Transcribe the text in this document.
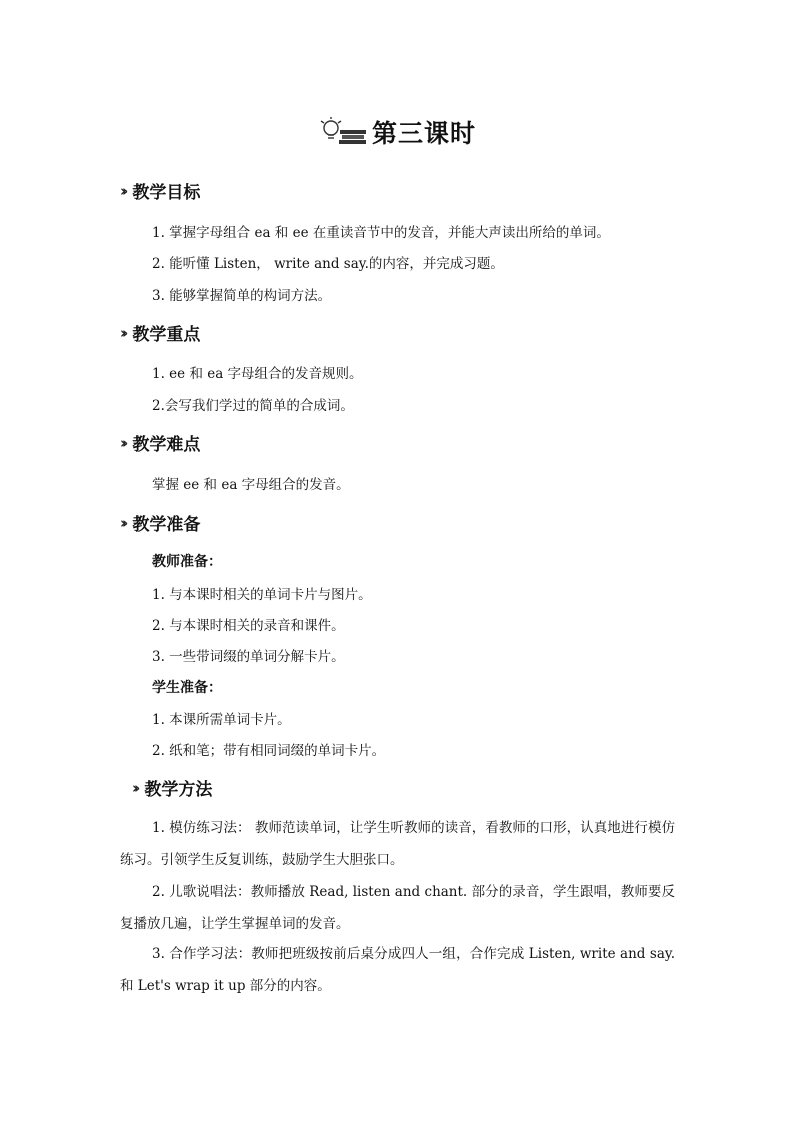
第三课时
›› 教学目标
1. 掌握字母组合 ea 和 ee 在重读音节中的发音，并能大声读出所给的单词。
2. 能听懂 Listen， write and say.的内容，并完成习题。
3. 能够掌握简单的构词方法。
›› 教学重点
1. ee 和 ea 字母组合的发音规则。
2.会写我们学过的简单的合成词。
›› 教学难点
掌握 ee 和 ea 字母组合的发音。
›› 教学准备
教师准备：
1. 与本课时相关的单词卡片与图片。
2. 与本课时相关的录音和课件。
3. 一些带词缀的单词分解卡片。
学生准备：
1. 本课所需单词卡片。
2. 纸和笔；带有相同词缀的单词卡片。
›› 教学方法
1. 模仿练习法： 教师范读单词，让学生听教师的读音，看教师的口形，认真地进行模仿练习。引领学生反复训练，鼓励学生大胆张口。
2. 儿歌说唱法：教师播放 Read, listen and chant. 部分的录音，学生跟唱，教师要反复播放几遍，让学生掌握单词的发音。
3. 合作学习法：教师把班级按前后桌分成四人一组，合作完成 Listen, write and say.和 Let's wrap it up 部分的内容。
